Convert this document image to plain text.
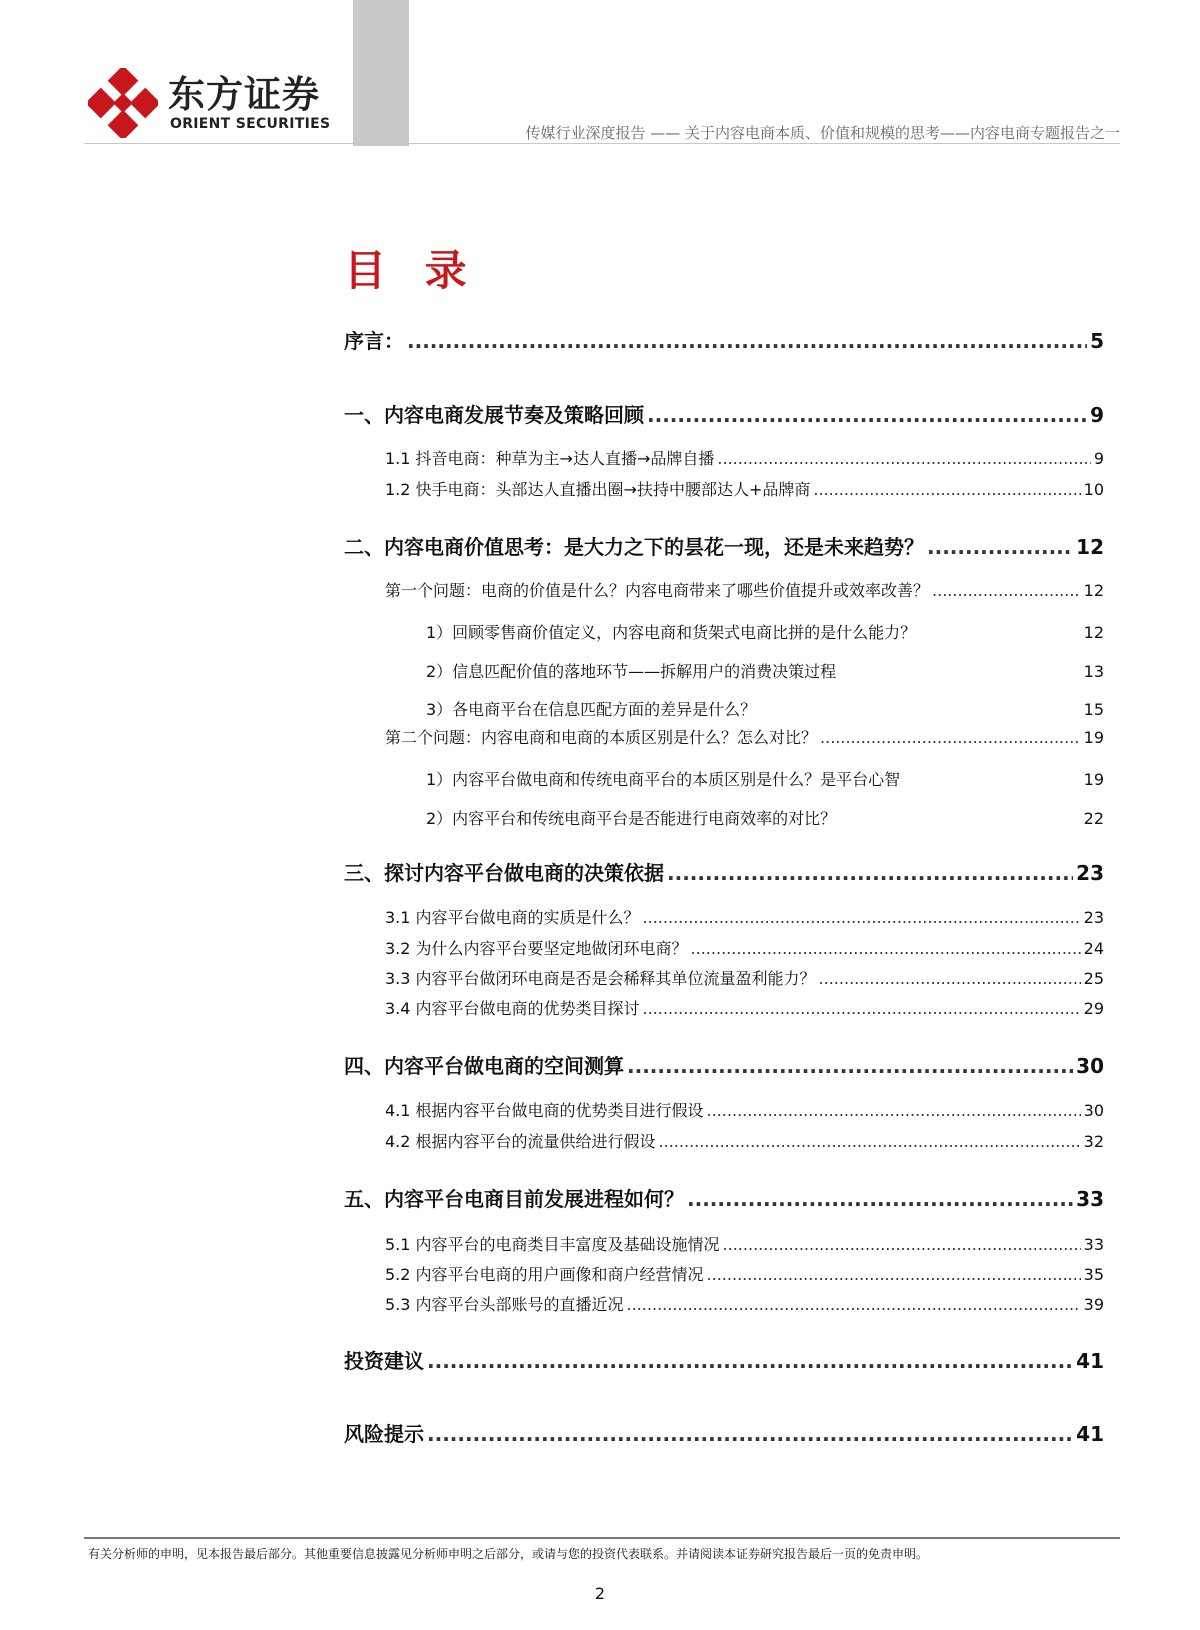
东方证券
ORIENT SECURITIES	传媒行业深度报告 —— 关于内容电商本质、价值和规模的思考——内容电商专题报告之一
目 录
序言： .....	5
一、内容电商发展节奏及策略回顾 .....	9
1.1 抖音电商：种草为主→达人直播→品牌自播 .....	9
1.2 快手电商：头部达人直播出圈→扶持中腰部达人+品牌商 .....	10
二、内容电商价值思考：是大力之下的昙花一现，还是未来趋势？ .....	12
第一个问题：电商的价值是什么？内容电商带来了哪些价值提升或效率改善？ .....	12
1）回顾零售商价值定义，内容电商和货架式电商比拼的是什么能力？	12
2）信息匹配价值的落地环节——拆解用户的消费决策过程	13
3）各电商平台在信息匹配方面的差异是什么？	15
第二个问题：内容电商和电商的本质区别是什么？怎么对比？ .....	19
1）内容平台做电商和传统电商平台的本质区别是什么？是平台心智	19
2）内容平台和传统电商平台是否能进行电商效率的对比？	22
三、探讨内容平台做电商的决策依据 .....	23
3.1 内容平台做电商的实质是什么？ .....	23
3.2 为什么内容平台要坚定地做闭环电商？ .....	24
3.3 内容平台做闭环电商是否是会稀释其单位流量盈利能力？ .....	25
3.4 内容平台做电商的优势类目探讨 .....	29
四、内容平台做电商的空间测算 .....	30
4.1 根据内容平台做电商的优势类目进行假设 .....	30
4.2 根据内容平台的流量供给进行假设 .....	32
五、内容平台电商目前发展进程如何？ .....	33
5.1 内容平台的电商类目丰富度及基础设施情况 .....	33
5.2 内容平台电商的用户画像和商户经营情况 .....	35
5.3 内容平台头部账号的直播近况 .....	39
投资建议 .....	41
风险提示 .....	41
有关分析师的申明，见本报告最后部分。其他重要信息披露见分析师申明之后部分，或请与您的投资代表联系。并请阅读本证券研究报告最后一页的免责申明。
2
